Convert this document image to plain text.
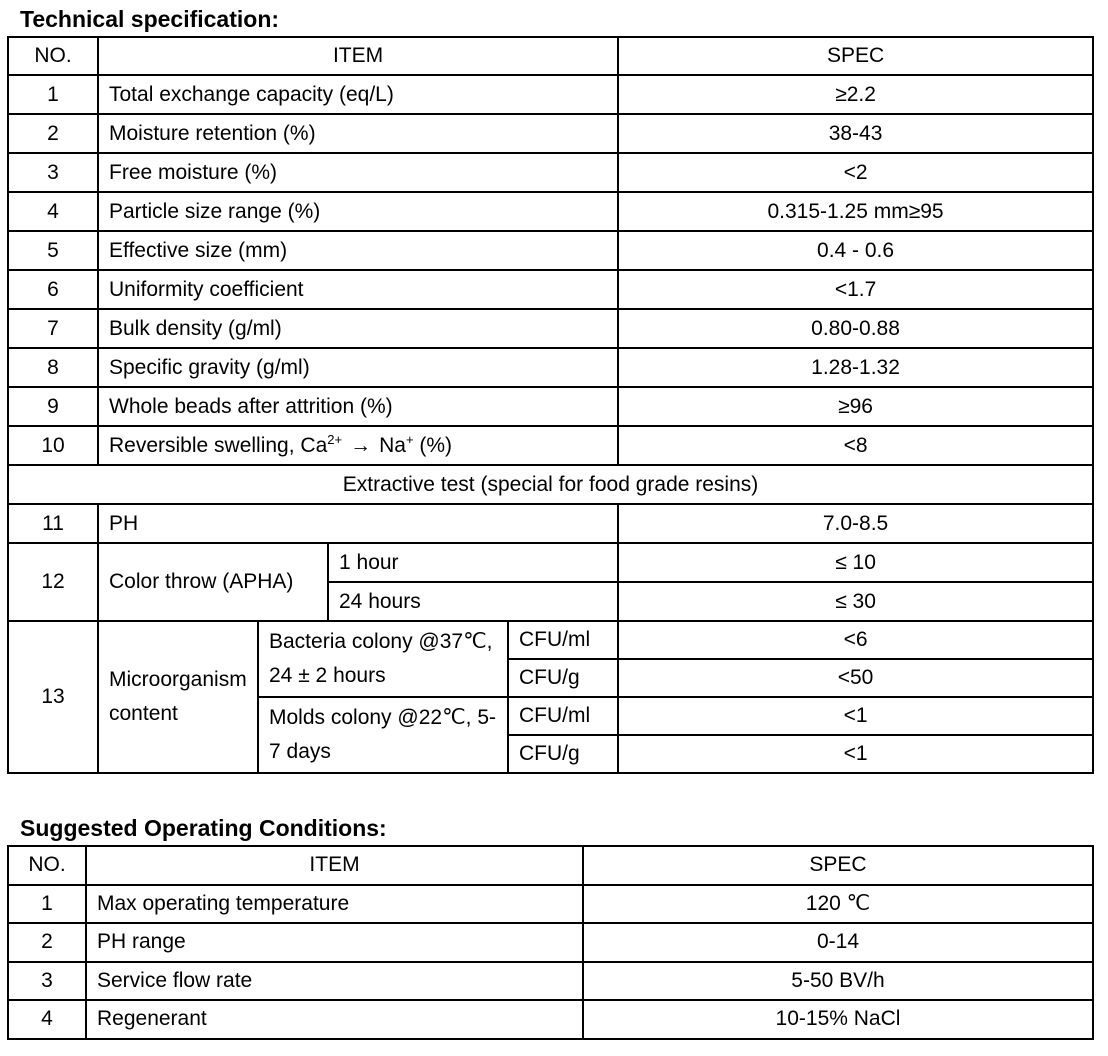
Technical specification:
NO.	ITEM				SPEC
1	Total exchange capacity (eq/L)				≥2.2
2	Moisture retention (%)				38-43
3	Free moisture (%)				<2
4	Particle size range (%)				0.315-1.25 mm≥95
5	Effective size (mm)				0.4 - 0.6
6	Uniformity coefficient				<1.7
7	Bulk density (g/ml)				0.80-0.88
8	Specific gravity (g/ml)				1.28-1.32
9	Whole beads after attrition (%)				≥96
10	Reversible swelling, $Ca^{2+} \to Na^+$ (%)				<8
Extractive test (special for food grade resins)					
11	PH				7.0-8.5
12	Color throw (APHA)		1 hour		≤ 10
			24 hours		≤ 30
13	Microorganism content	Bacteria colony @37℃, 24 ± 2 hours		CFU/ml	<6
				CFU/g	<50
		Molds colony @22℃, 5-7 days		CFU/ml	<1
				CFU/g	<1
Suggested Operating Conditions:
NO.	ITEM	SPEC
1	Max operating temperature	120 ℃
2	PH range	0-14
3	Service flow rate	5-50 BV/h
4	Regenerant	10-15% NaCl
